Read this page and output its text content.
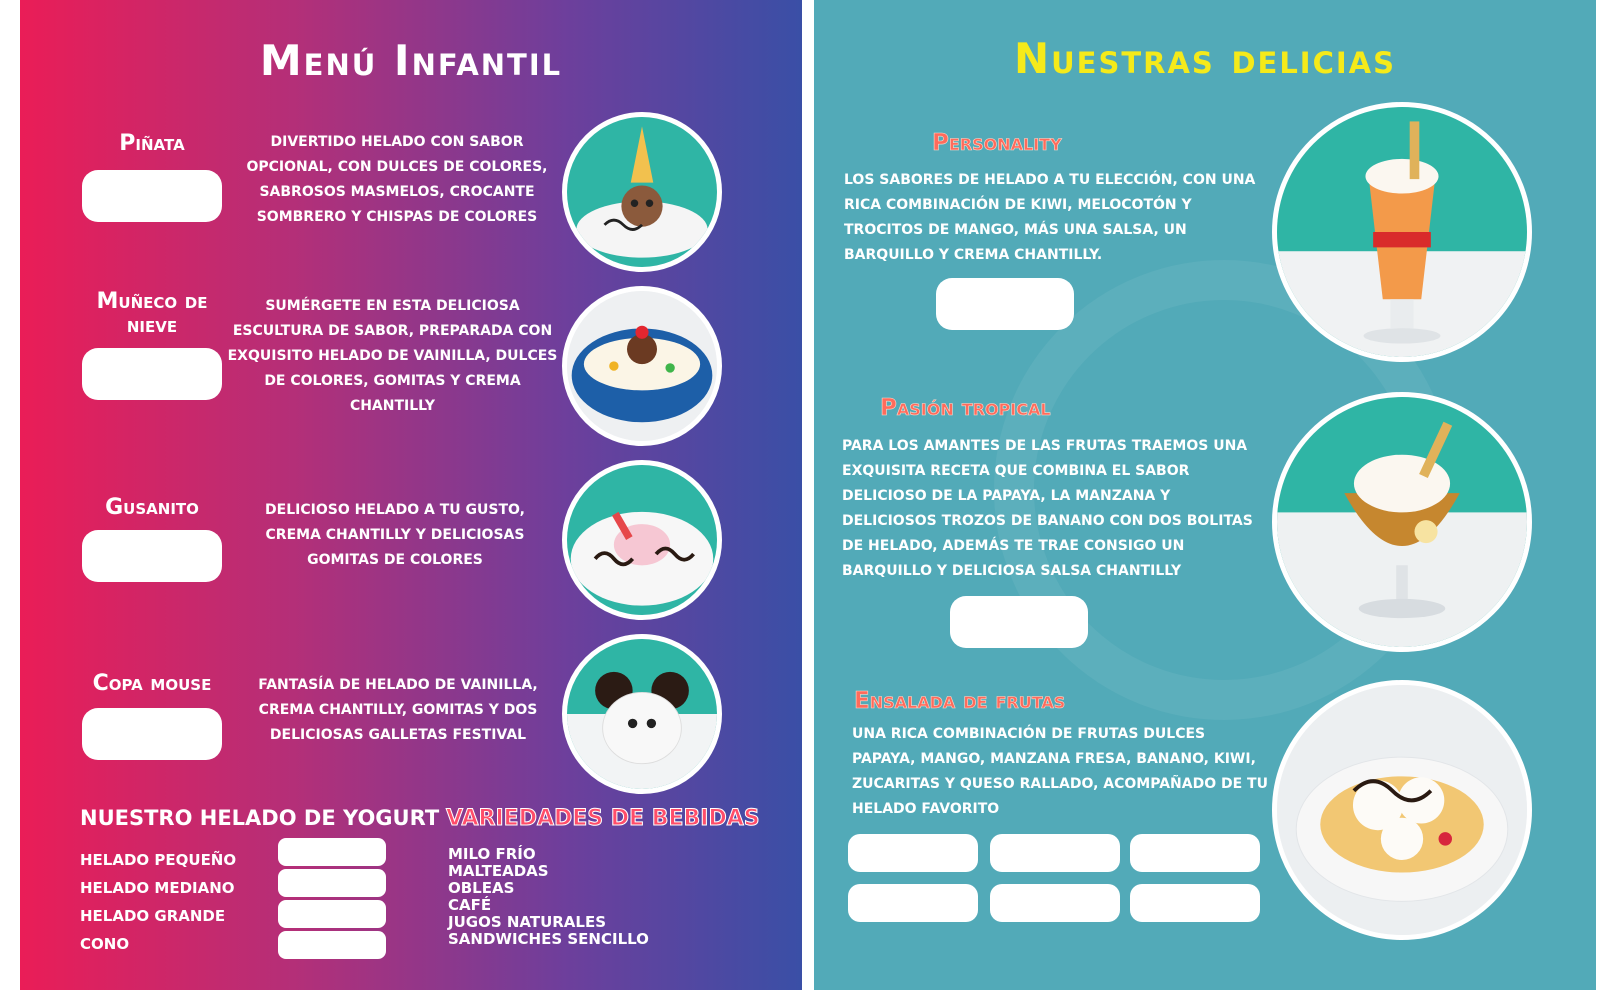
Menú Infantil
Piñata	DIVERTIDO HELADO CON SABOR OPCIONAL, CON DULCES DE COLORES, SABROSOS MASMELOS, CROCANTE SOMBRERO Y CHISPAS DE COLORES
Muñeco de nieve
SUMÉRGETE EN ESTA DELICIOSA ESCULTURA DE SABOR, PREPARADA CON EXQUISITO HELADO DE VAINILLA, DULCES DE COLORES, GOMITAS Y CREMA CHANTILLY
Gusanito	DELICIOSO HELADO A TU GUSTO, CREMA CHANTILLY Y DELICIOSAS GOMITAS DE COLORES
Copa mouse	FANTASÍA DE HELADO DE VAINILLA, CREMA CHANTILLY, GOMITAS Y DOS DELICIOSAS GALLETAS FESTIVAL
NUESTRO HELADO DE YOGURT
HELADO PEQUEÑO
HELADO MEDIANO
HELADO GRANDE
CONO
VARIEDADES DE BEBIDAS
MILO FRÍO
MALTEADAS
OBLEAS
CAFÉ
JUGOS NATURALES
SANDWICHES SENCILLO
Nuestras delicias
Personality
LOS SABORES DE HELADO A TU ELECCIÓN, CON UNA RICA COMBINACIÓN DE KIWI, MELOCOTÓN Y TROCITOS DE MANGO, MÁS UNA SALSA, UN BARQUILLO Y CREMA CHANTILLY.
Pasión tropical
PARA LOS AMANTES DE LAS FRUTAS TRAEMOS UNA EXQUISITA RECETA QUE COMBINA EL SABOR DELICIOSO DE LA PAPAYA, LA MANZANA Y DELICIOSOS TROZOS DE BANANO CON DOS BOLITAS DE HELADO, ADEMÁS TE TRAE CONSIGO UN BARQUILLO Y DELICIOSA SALSA CHANTILLY
Ensalada de frutas
UNA RICA COMBINACIÓN DE FRUTAS DULCES PAPAYA, MANGO, MANZANA FRESA, BANANO, KIWI, ZUCARITAS Y QUESO RALLADO, ACOMPAÑADO DE TU HELADO FAVORITO
